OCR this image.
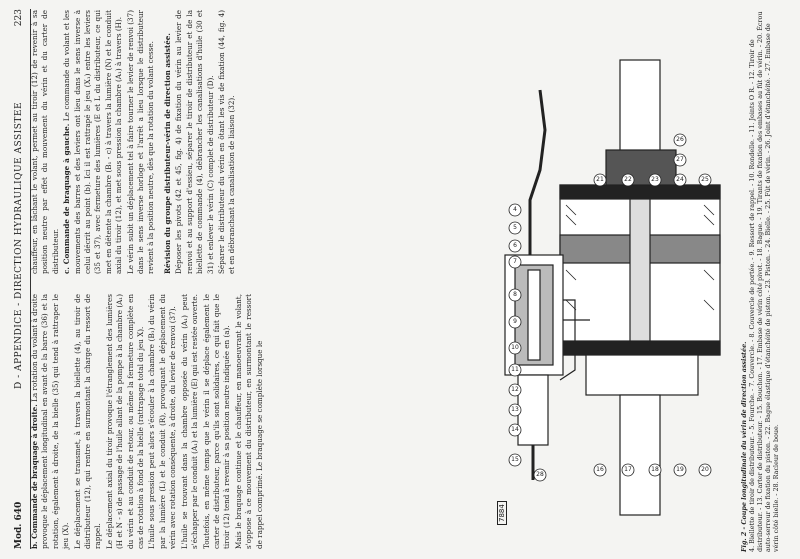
Mod. 640
D - APPENDICE - DIRECTION HYDRAULIQUE ASSISTEE
223

b. Commande de braquage à droite. La rotation du volant à droite provoque le déplacement longitudinal en avant de la barre (36) et la rotation, également à droite, de la bielle (35) qui tend à rattraper le jeu (X). Le déplacement se transmet, à travers la biellette (4), au tiroir de distributeur (12), qui rentre en surmontant la charge du ressort de rappel. Le déplacement axial du tiroir provoque l'étranglement des lumières (H et N - s) de passage de l'huile allant de la pompe à la chambre (A₁) du vérin et au conduit de retour, ou même la fermeture complète en cas de rotation à fond de la bielle (rattrapage total du jeu X). L'huile sous pression peut alors s'écouler à la chambre (B₁) du vérin par la lumière (L) et le conduit (R), provoquant le déplacement du vérin avec rotation conséquente, à droite, du levier de renvoi (37). L'huile se trouvant dans la chambre opposée du vérin (A₁) peut s'échapper par le conduit (A₁) et la lumière (E) qui est restée ouverte. Toutefois, en même temps que le vérin il se déplace également le carter de distributeur, parce qu'ils sont solidaires, ce qui fait que le tiroir (12) tend à revenir à sa position neutre indiquée en (a). Mais le braquage continue et le chauffeur, en manoeuvrant le volant, s'oppose à ce mouvement du distributeur, en surmontant le ressort de rappel comprimé. Le braquage se complète lorsque le

chauffeur, en lâchant le volant, permet au tiroir (12) de revenir à sa position neutre par effet du mouvement du vérin et du carter de distributeur. c. Commande de braquage à gauche. Le commande du volant et les mouvements des barres et des leviers ont lieu dans le sens inverse à celui décrit au point (b). Ici il est rattrapé le jeu (X₁) entre les leviers (35 et 37), avec fermeture des lumières (E et L du distributeur, ce qui met en détente la chambre (B₁ - c) à travers la lumière (N) et le conduit axial du tiroir (12), et met sous pression la chambre (A₁) à travers (H). Le vérin subit un déplacement tel à faire tourner le levier de renvoi (37) dans le sens inverse horloge et l'arrêt a lieu lorsque le distributeur revient à la position neutre, dès que la rotation du volant cesse. Révision du groupe distributeur-vérin de direction assistée. Déposer les pivots (42 et 45, fig. 4) de fixation du vérin au levier de renvoi et au support d'essieu, séparer le tiroir de distributeur et de la biellette de commande (4), débrancher les canalisations d'huile (30 et 31) et enlever le vérin (C) complet de distributeur (D). Séparer le distributeur du vérin en ôtant les vis de fixation (44, fig. 4) et en débranchant la canalisation de liaison (32).	4
5
6
7
8
9
10
11
12
13
14
15
16	17	18	19	20
21	22	23	24	25
26
27
28
7884	Fig. 2 - Coupe longitudinale du vérin de direction assistée. 4. Biellette de tiroir de distributeur. - 5. Fourche. - 7. Couvercle. - 8. Couvercle de portée. - 9. Ressort de rappel. - 10. Rondelle. - 11. Joints O R. - 12. Tiroir de distributeur. - 13. Carter de distributeur. - 15. Bouchon. - 17. Embase de vérin côté pivot. - 18. Bague. - 19. Tirants de fixation des embases au fût de vérin. - 20. Écrou auto-serreur de fixation du piston. - 22. Bague élastique d'étanchéité de piston. - 23. Piston. - 24. Bielle. - 25. Fût de vérin. - 26. Joint d'étanchéité. - 27. Embase de vérin côté bielle. - 28. Racleur de boue.
